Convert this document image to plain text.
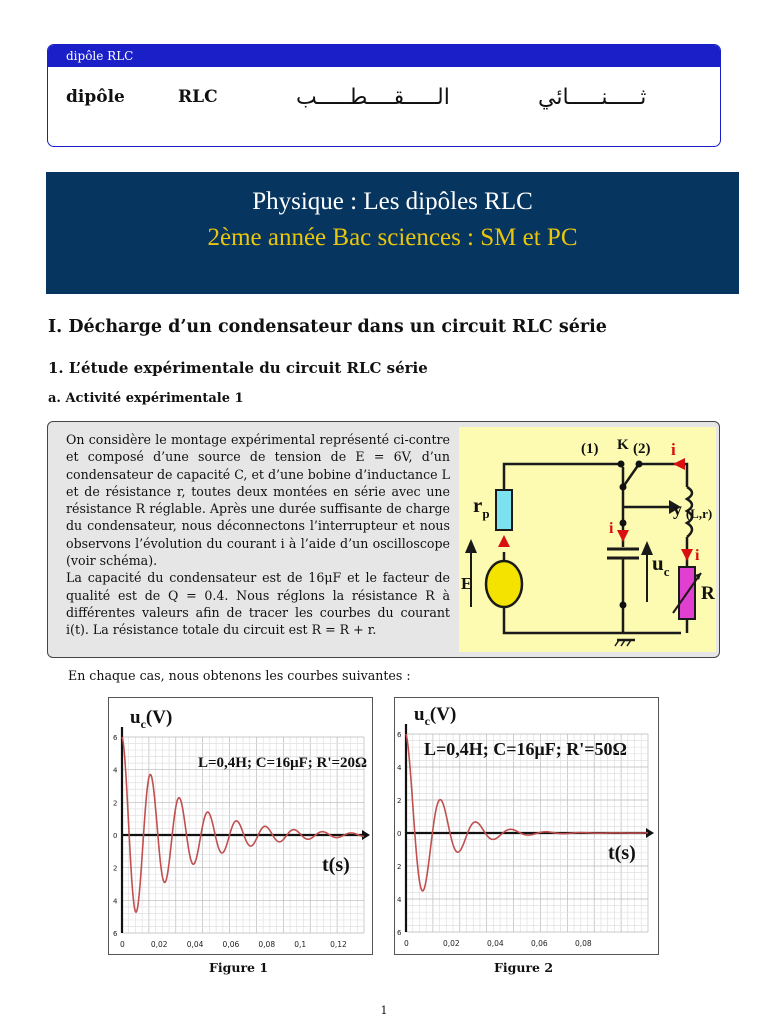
dipôle RLC
dipôle	RLC	الـــــقــــطـــــب	ثـــــنـــــائي
Physique : Les dipôles RLC
2ème année Bac sciences : SM et PC
I. Décharge d’un condensateur dans un circuit RLC série
1. L’étude expérimentale du circuit RLC série
a. Activité expérimentale 1

On considère le montage expérimental représenté ci-contre et composé d’une source de tension de E = 6V, d’un condensateur de capacité C, et d’une bobine d’inductance L et de résistance r, toutes deux montées en série avec une résistance R réglable. Après une durée suffisante de charge du condensateur, nous déconnectons l’interrupteur et nous observons l’évolution du courant i à l’aide d’un oscilloscope (voir schéma).

La capacité du condensateur est de 16μF et le facteur de qualité est de Q = 0.4. Nous réglons la résistance R à différentes valeurs afin de tracer les courbes du courant i(t). La résistance totale du circuit est R = R + r.

(1) K (2) i
$r_p$
i
y (L,r)
$u_c$
i
E	R
En chaque cas, nous obtenons les courbes suivantes :
6
4
2
0
2
4
6
0	0,02	0,04	0,06	0,08	0,1	0,12
$u_c(V)$
t(s)
L=0,4H; C=16μF; R'=20Ω
6
4
2
0
2
4
6
0	0,02	0,04	0,06	0,08
$u_c(V)$
t(s)
L=0,4H; C=16μF; R'=50Ω
Figure 1	Figure 2
1
